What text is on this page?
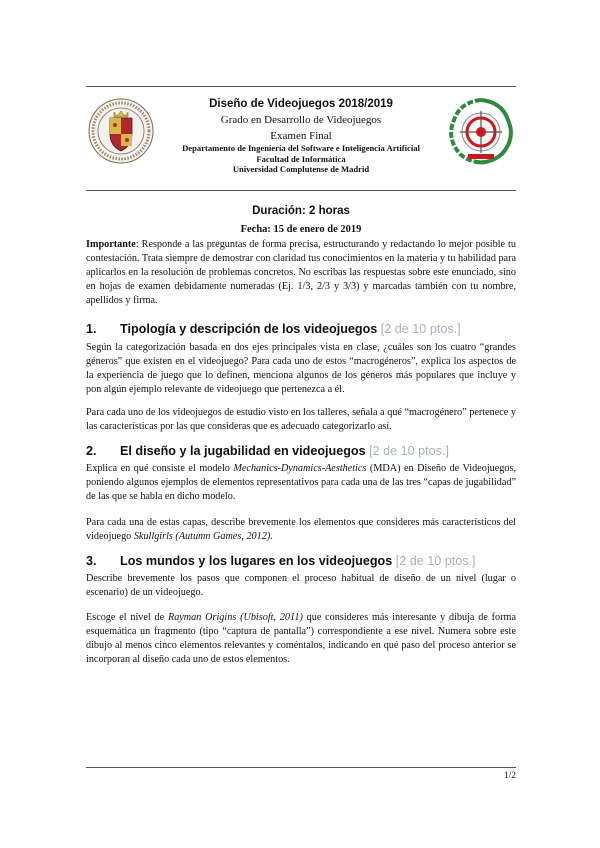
Diseño de Videojuegos 2018/2019
Grado en Desarrollo de Videojuegos
Examen Final
Departamento de Ingeniería del Software e Inteligencia Artificial
Facultad de Informática
Universidad Complutense de Madrid
Duración: 2 horas
Fecha: 15 de enero de 2019

Importante: Responde a las preguntas de forma precisa, estructurando y redactando lo mejor posible tu contestación. Trata siempre de demostrar con claridad tus conocimientos en la materia y tu habilidad para aplicarlos en la resolución de problemas concretos. No escribas las respuestas sobre este enunciado, sino en hojas de examen debidamente numeradas (Ej. 1/3, 2/3 y 3/3) y marcadas también con tu nombre, apellidos y firma.

1. Tipología y descripción de los videojuegos [2 de 10 ptos.]

Según la categorización basada en dos ejes principales vista en clase, ¿cuáles son los cuatro “grandes géneros” que existen en el videojuego? Para cada uno de estos “macrogéneros”, explica los aspectos de la experiencia de juego que lo definen, menciona algunos de los géneros más populares que incluye y pon algún ejemplo relevante de videojuego que pertenezca a él.

Para cada uno de los videojuegos de estudio visto en los talleres, señala a qué “macrogénero” pertenece y las características por las que consideras que es adecuado categorizarlo así.

2. El diseño y la jugabilidad en videojuegos [2 de 10 ptos.]

Explica en qué consiste el modelo Mechanics-Dynamics-Aesthetics (MDA) en Diseño de Videojuegos, poniendo algunos ejemplos de elementos representativos para cada una de las tres “capas de jugabilidad” de las que se habla en dicho modelo.

Para cada una de estas capas, describe brevemente los elementos que consideres más característicos del videojuego Skullgirls (Autumn Games, 2012).

3. Los mundos y los lugares en los videojuegos [2 de 10 ptos.]

Describe brevemente los pasos que componen el proceso habitual de diseño de un nivel (lugar o escenario) de un videojuego.

Escoge el nivel de Rayman Origins (Ubisoft, 2011) que consideres más interesante y dibuja de forma esquemática un fragmento (tipo “captura de pantalla”) correspondiente a ese nivel. Numera sobre este dibujo al menos cinco elementos relevantes y coméntalos, indicando en qué paso del proceso anterior se incorporan al diseño cada uno de estos elementos.

1/2
